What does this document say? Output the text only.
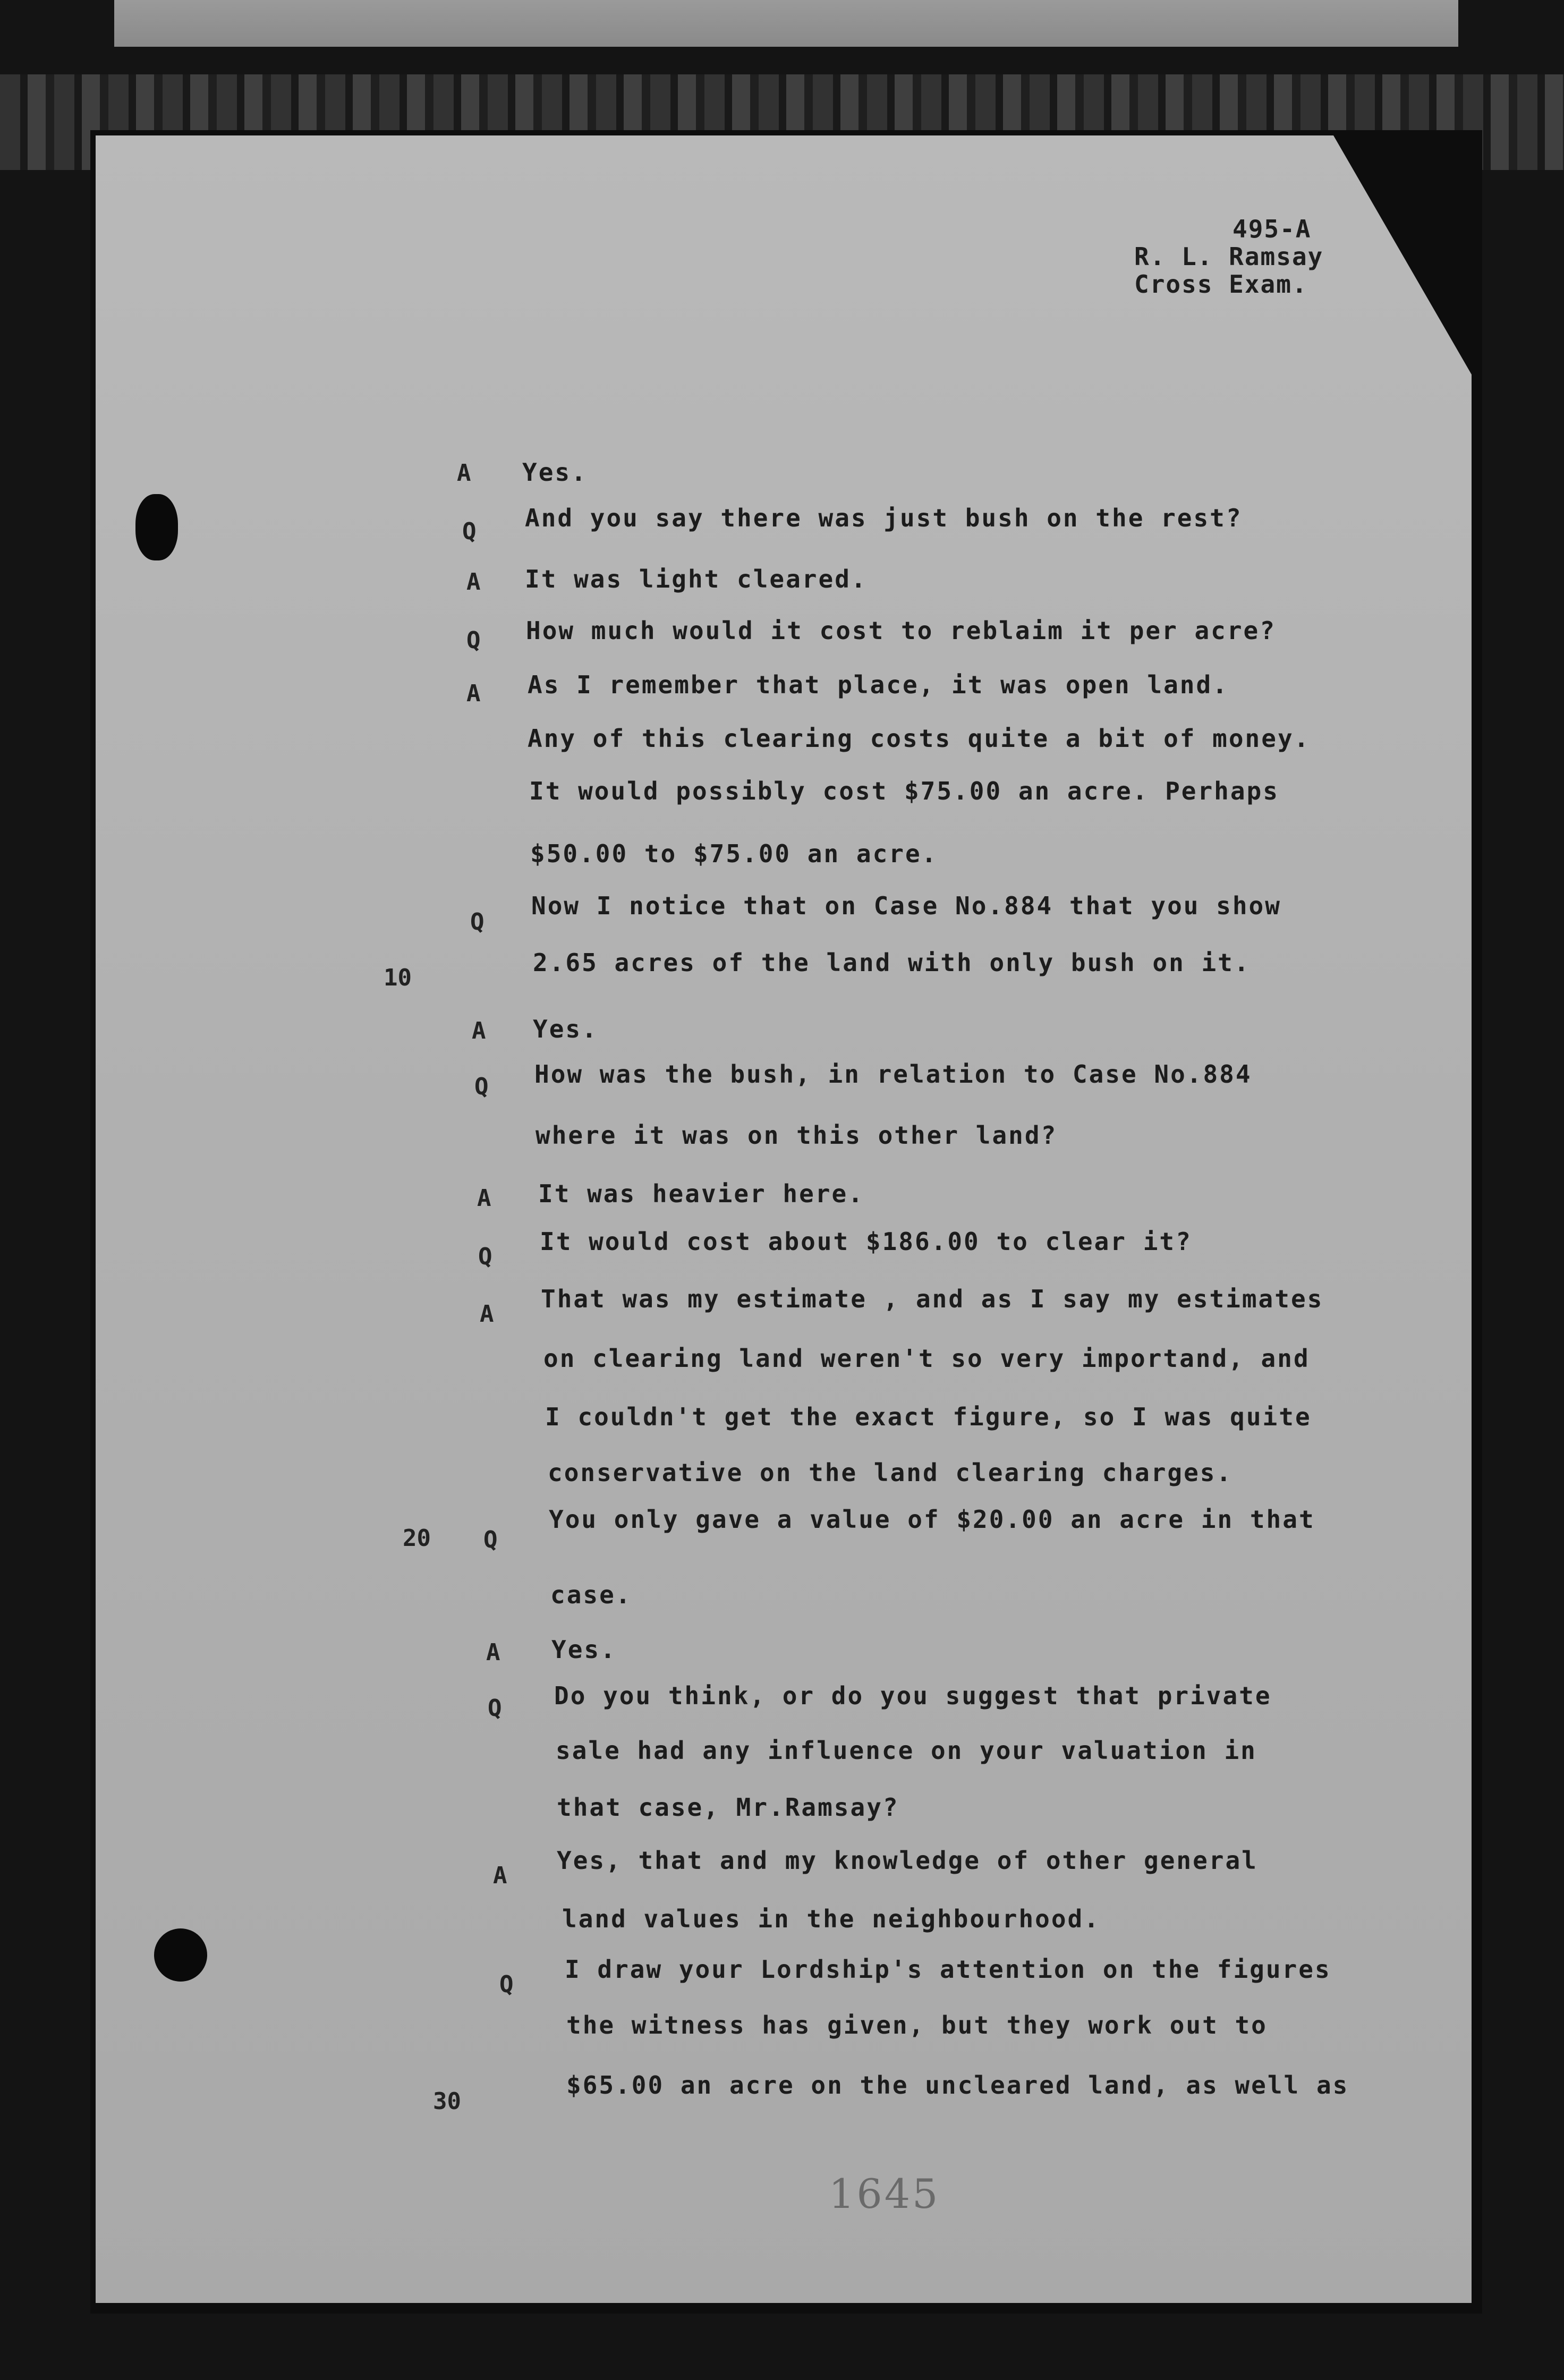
495-A
R. L. Ramsay
Cross Exam.
A Yes.
Q And you say there was just bush on the rest?
A It was light cleared.
Q How much would it cost to reblaim it per acre?
A As I remember that place, it was open land.
Any of this clearing costs quite a bit of money.
It would possibly cost $75.00 an acre. Perhaps
$50.00 to $75.00 an acre.
Q
Now I notice that on Case No.884 that you show
2.65 acres of the land with only bush on it.
A Yes.
Q How was the bush, in relation to Case No.884
where it was on this other land?
A It was heavier here.
Q
It would cost about $186.00 to clear it?
A
That was my estimate , and as I say my estimates
on clearing land weren't so very importand, and
I couldn't get the exact figure, so I was quite
conservative on the land clearing charges.
Q
You only gave a value of $20.00 an acre in that
case.
A Yes.
Q Do you think, or do you suggest that private
sale had any influence on your valuation in
that case, Mr.Ramsay?
A
Yes, that and my knowledge of other general
land values in the neighbourhood.
Q
I draw your Lordship's attention on the figures
the witness has given, but they work out to
$65.00 an acre on the uncleared land, as well as
10
20
30
1645
